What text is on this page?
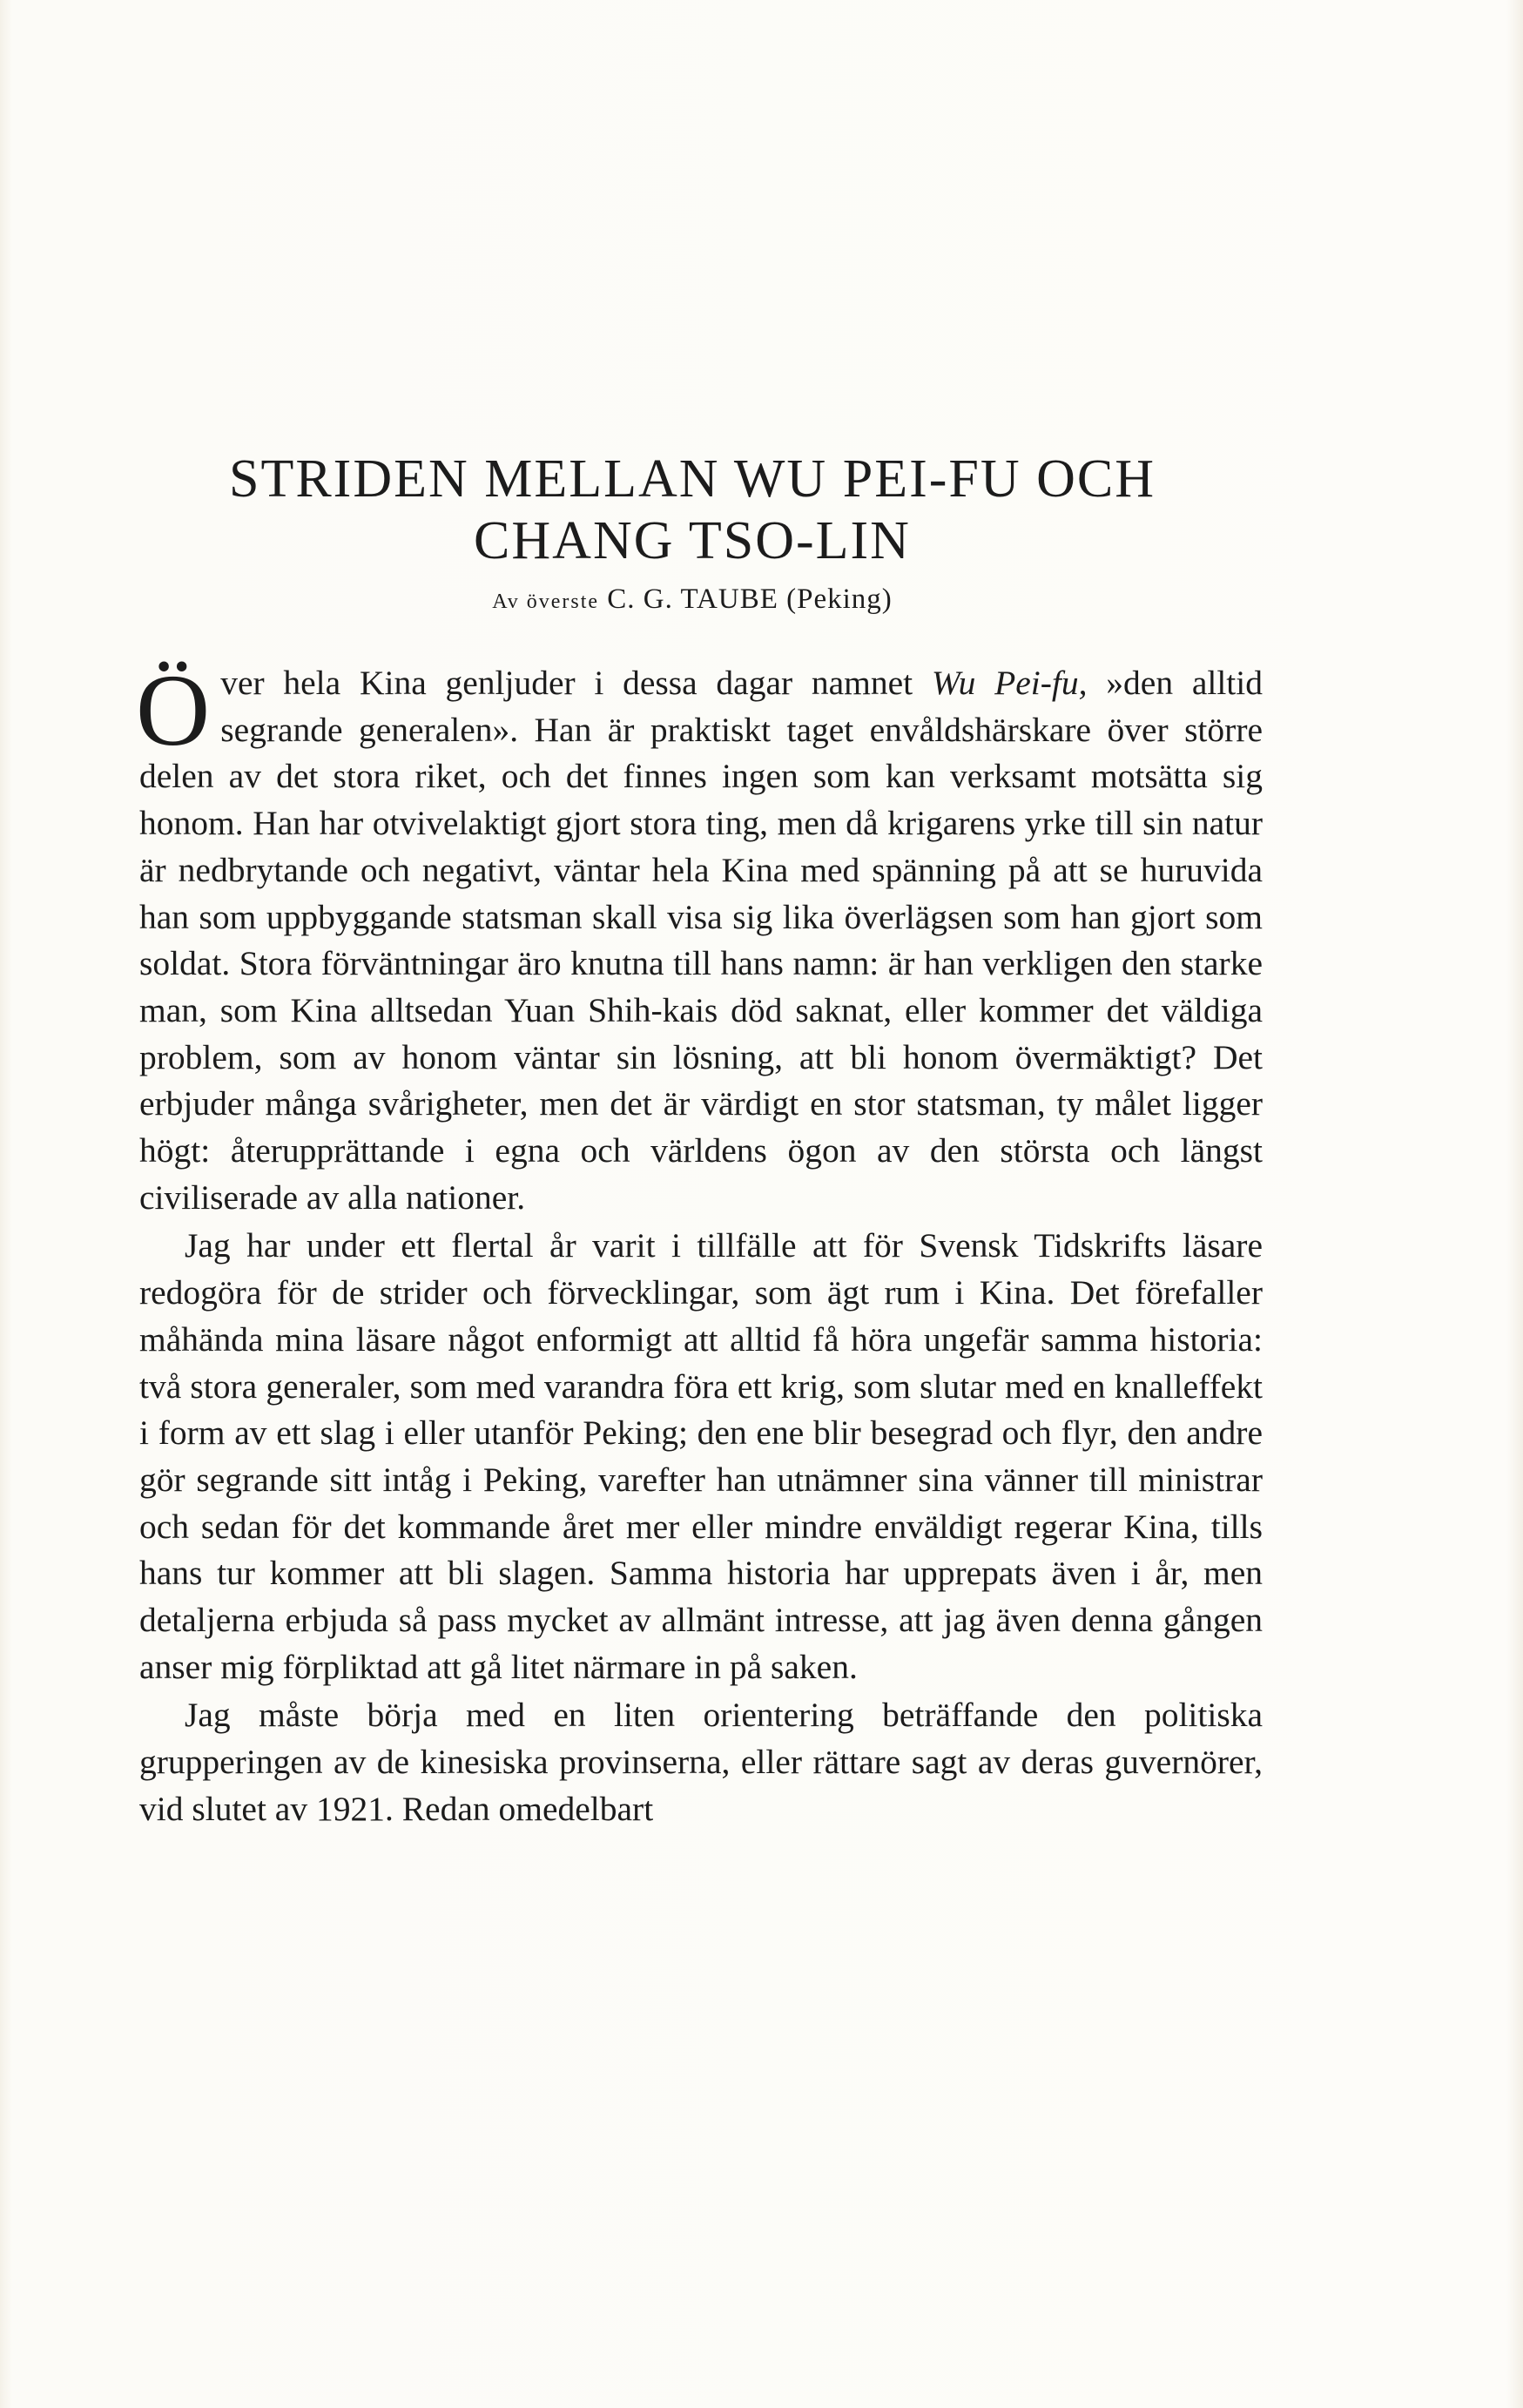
STRIDEN MELLAN WU PEI-FU OCH
CHANG TSO-LIN
Av överste C. G. TAUBE (Peking)

Över hela Kina genljuder i dessa dagar namnet Wu Pei-fu, »den alltid segrande generalen». Han är praktiskt taget envåldshärskare över större delen av det stora riket, och det finnes ingen som kan verksamt motsätta sig honom. Han har otvivelaktigt gjort stora ting, men då krigarens yrke till sin natur är nedbrytande och negativt, väntar hela Kina med spänning på att se huruvida han som uppbyggande statsman skall visa sig lika överlägsen som han gjort som soldat. Stora förväntningar äro knutna till hans namn: är han verkligen den starke man, som Kina alltsedan Yuan Shih-kais död saknat, eller kommer det väldiga problem, som av honom väntar sin lösning, att bli honom övermäktigt? Det erbjuder många svårigheter, men det är värdigt en stor statsman, ty målet ligger högt: återupprättande i egna och världens ögon av den största och längst civiliserade av alla nationer.

Jag har under ett flertal år varit i tillfälle att för Svensk Tidskrifts läsare redogöra för de strider och förvecklingar, som ägt rum i Kina. Det förefaller måhända mina läsare något enformigt att alltid få höra ungefär samma historia: två stora generaler, som med varandra föra ett krig, som slutar med en knalleffekt i form av ett slag i eller utanför Peking; den ene blir besegrad och flyr, den andre gör segrande sitt intåg i Peking, varefter han utnämner sina vänner till ministrar och sedan för det kommande året mer eller mindre enväldigt regerar Kina, tills hans tur kommer att bli slagen. Samma historia har upprepats även i år, men detaljerna erbjuda så pass mycket av allmänt intresse, att jag även denna gången anser mig förpliktad att gå litet närmare in på saken.

Jag måste börja med en liten orientering beträffande den politiska grupperingen av de kinesiska provinserna, eller rättare sagt av deras guvernörer, vid slutet av 1921. Redan omedelbart
